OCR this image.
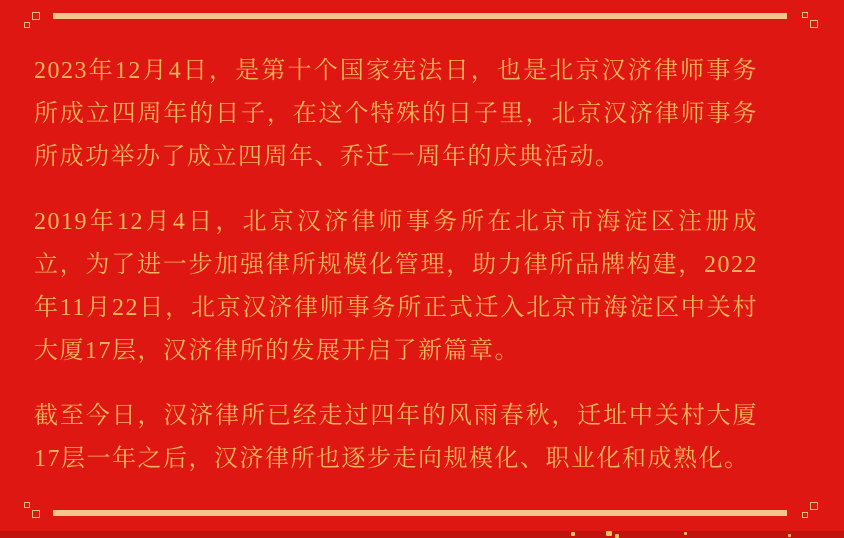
2023年12月4日，是第十个国家宪法日，也是北京汉济律师事务所成立四周年的日子，在这个特殊的日子里，北京汉济律师事务所成功举办了成立四周年、乔迁一周年的庆典活动。

2019年12月4日，北京汉济律师事务所在北京市海淀区注册成立，为了进一步加强律所规模化管理，助力律所品牌构建，2022年11月22日，北京汉济律师事务所正式迁入北京市海淀区中关村大厦17层，汉济律所的发展开启了新篇章。

截至今日，汉济律所已经走过四年的风雨春秋，迁址中关村大厦17层一年之后，汉济律所也逐步走向规模化、职业化和成熟化。
